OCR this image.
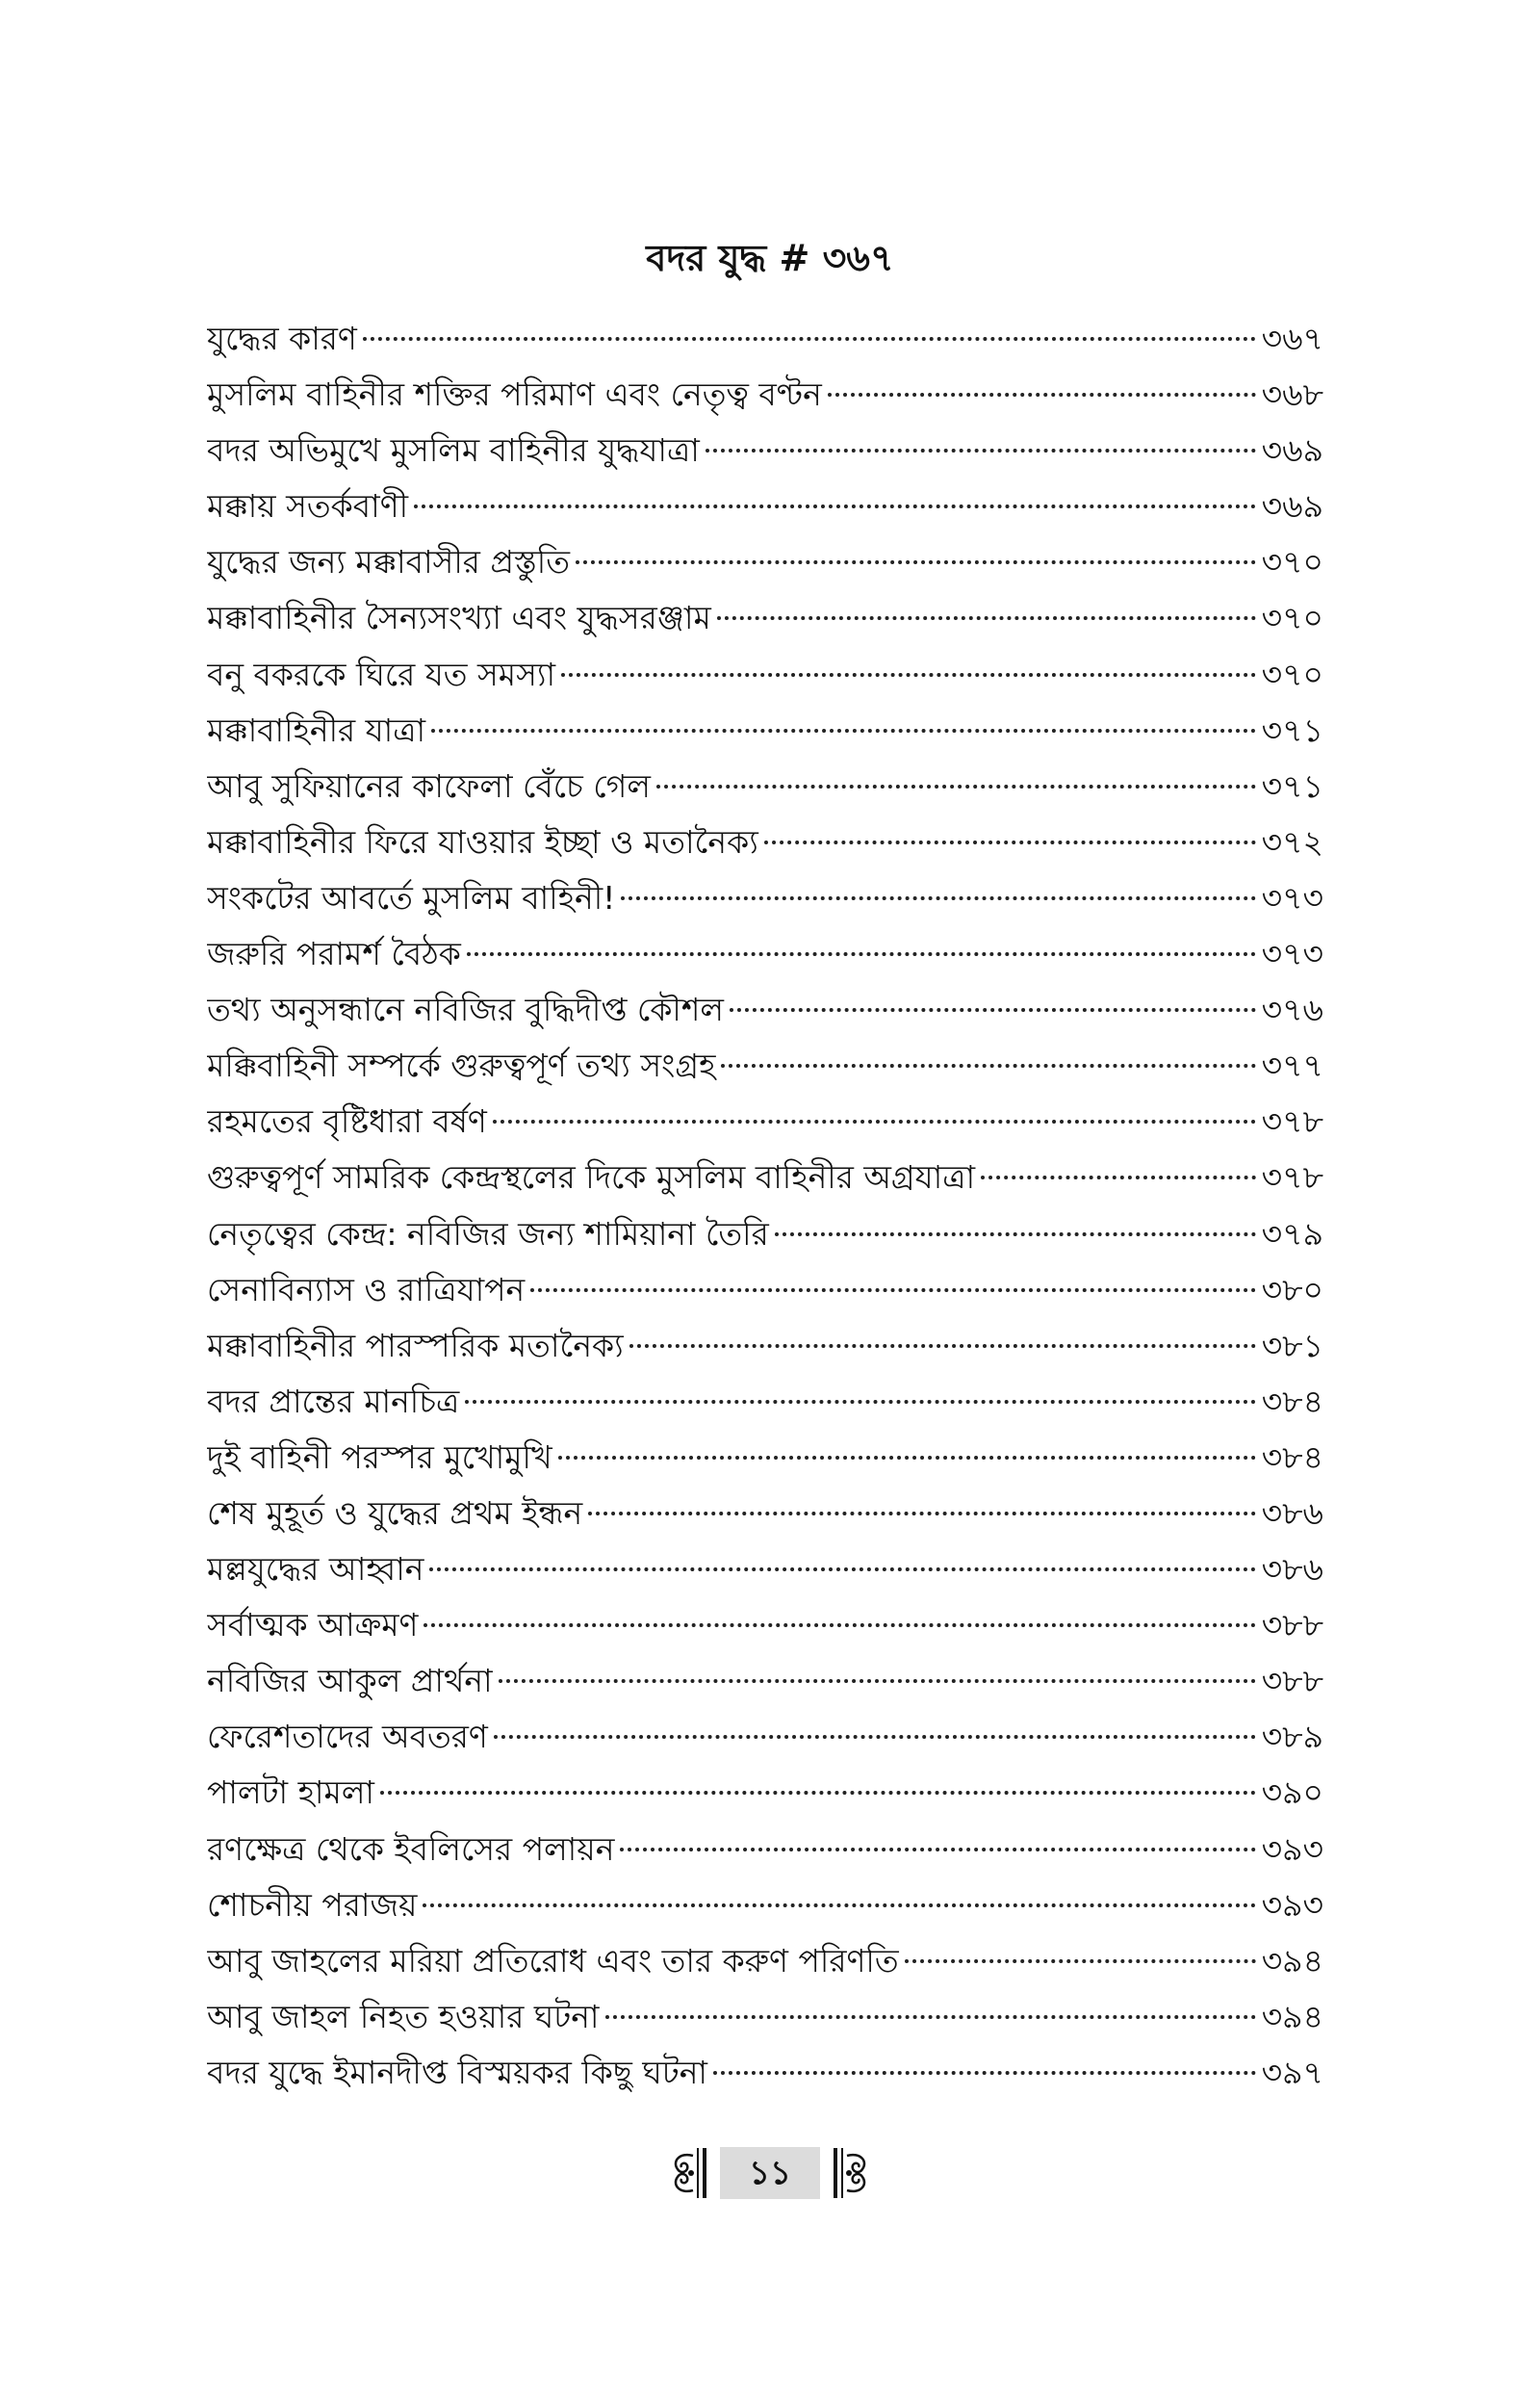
বদর যুদ্ধ # ৩৬৭
যুদ্ধের কারণ	৩৬৭
মুসলিম বাহিনীর শক্তির পরিমাণ এবং নেতৃত্ব বণ্টন	৩৬৮
বদর অভিমুখে মুসলিম বাহিনীর যুদ্ধযাত্রা	৩৬৯
মক্কায় সতর্কবাণী	৩৬৯
যুদ্ধের জন্য মক্কাবাসীর প্রস্তুতি	৩৭০
মক্কাবাহিনীর সৈন্যসংখ্যা এবং যুদ্ধসরঞ্জাম	৩৭০
বনু বকরকে ঘিরে যত সমস্যা	৩৭০
মক্কাবাহিনীর যাত্রা	৩৭১
আবু সুফিয়ানের কাফেলা বেঁচে গেল	৩৭১
মক্কাবাহিনীর ফিরে যাওয়ার ইচ্ছা ও মতানৈক্য	৩৭২
সংকটের আবর্তে মুসলিম বাহিনী!	৩৭৩
জরুরি পরামর্শ বৈঠক	৩৭৩
তথ্য অনুসন্ধানে নবিজির বুদ্ধিদীপ্ত কৌশল	৩৭৬
মক্কিবাহিনী সম্পর্কে গুরুত্বপূর্ণ তথ্য সংগ্রহ	৩৭৭
রহমতের বৃষ্টিধারা বর্ষণ	৩৭৮
গুরুত্বপূর্ণ সামরিক কেন্দ্রস্থলের দিকে মুসলিম বাহিনীর অগ্রযাত্রা	৩৭৮
নেতৃত্বের কেন্দ্র: নবিজির জন্য শামিয়ানা তৈরি	৩৭৯
সেনাবিন্যাস ও রাত্রিযাপন	৩৮০
মক্কাবাহিনীর পারস্পরিক মতানৈক্য	৩৮১
বদর প্রান্তের মানচিত্র	৩৮৪
দুই বাহিনী পরস্পর মুখোমুখি	৩৮৪
শেষ মুহূর্ত ও যুদ্ধের প্রথম ইন্ধন	৩৮৬
মল্লযুদ্ধের আহ্বান	৩৮৬
সর্বাত্মক আক্রমণ	৩৮৮
নবিজির আকুল প্রার্থনা	৩৮৮
ফেরেশতাদের অবতরণ	৩৮৯
পালটা হামলা	৩৯০
রণক্ষেত্র থেকে ইবলিসের পলায়ন	৩৯৩
শোচনীয় পরাজয়	৩৯৩
আবু জাহলের মরিয়া প্রতিরোধ এবং তার করুণ পরিণতি	৩৯৪
আবু জাহল নিহত হওয়ার ঘটনা	৩৯৪
বদর যুদ্ধে ইমানদীপ্ত বিস্ময়কর কিছু ঘটনা	৩৯৭
১১
